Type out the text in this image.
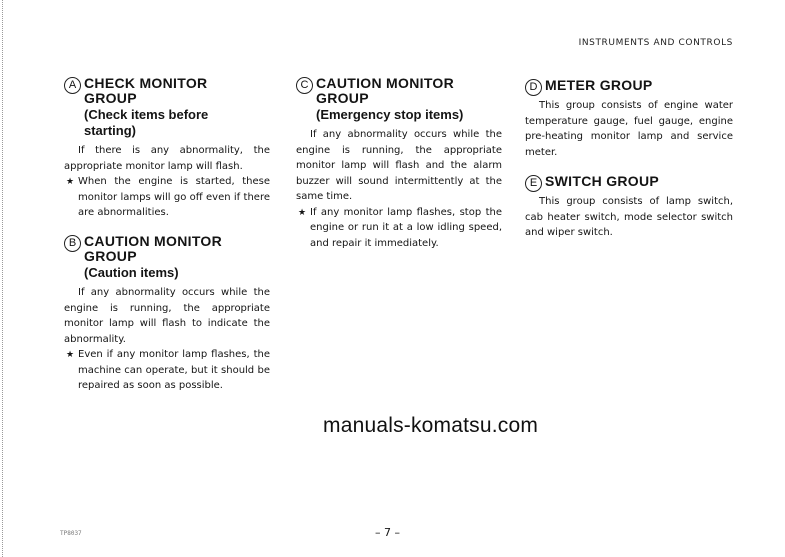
INSTRUMENTS AND CONTROLS
A CHECK MONITOR
GROUP
(Check items before
starting)

If there is any abnormality, the appropriate monitor lamp will flash.

★ When the engine is started, these monitor lamps will go off even if there are abnormalities.

B CAUTION MONITOR
GROUP
(Caution items)

If any abnormality occurs while the engine is running, the appropriate monitor lamp will flash to indicate the abnormality.

★ Even if any monitor lamp flashes, the machine can operate, but it should be repaired as soon as possible.

C CAUTION MONITOR
GROUP
(Emergency stop items)

If any abnormality occurs while the engine is running, the appropriate monitor lamp will flash and the alarm buzzer will sound intermittently at the same time.

★ If any monitor lamp flashes, stop the engine or run it at a low idling speed, and repair it immediately.

D METER GROUP

This group consists of engine water temperature gauge, fuel gauge, engine pre-heating monitor lamp and service meter.

E SWITCH GROUP

This group consists of lamp switch, cab heater switch, mode selector switch and wiper switch.

manuals-komatsu.com
– 7 –
TP8037
